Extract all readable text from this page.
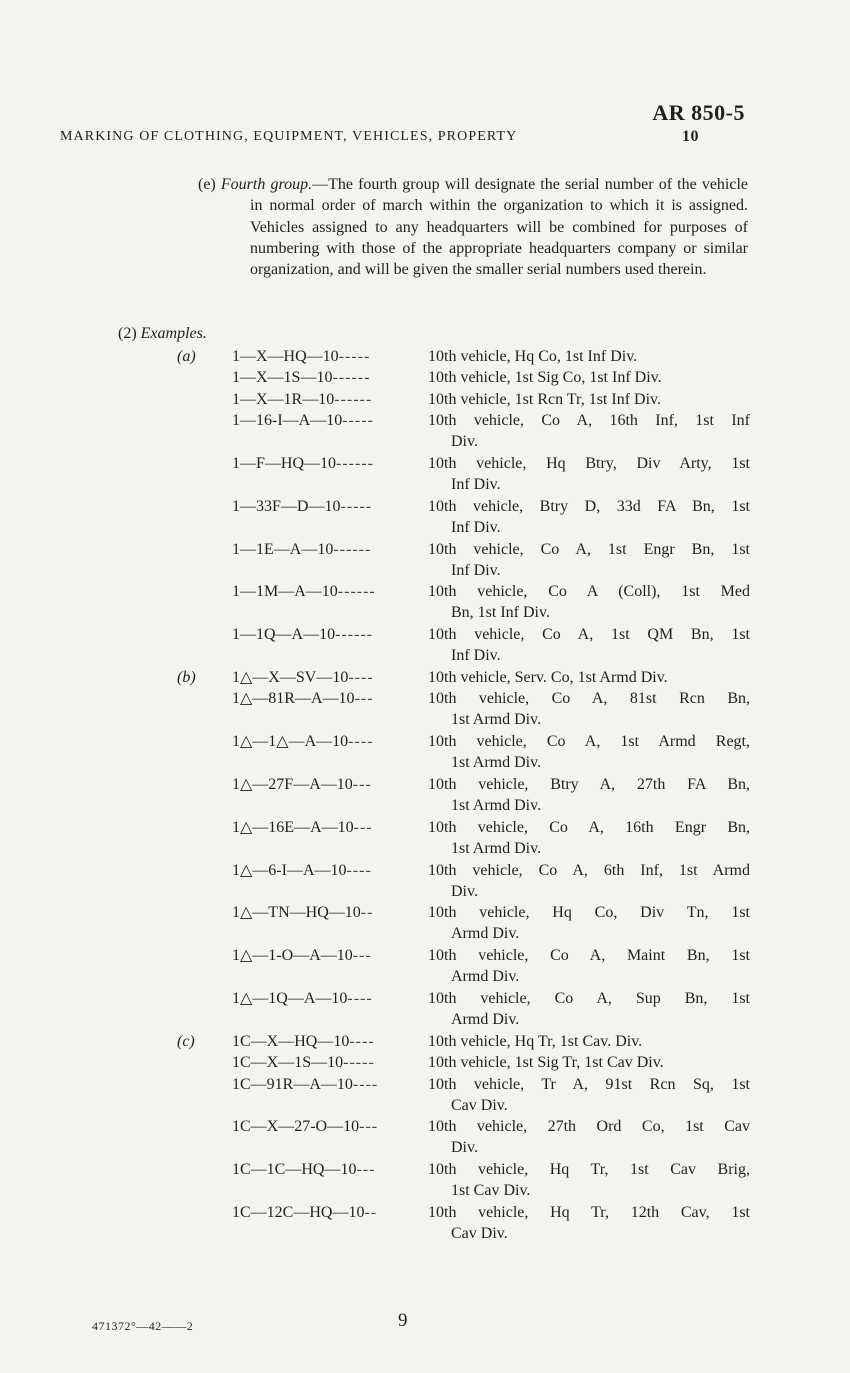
AR 850-5
MARKING OF CLOTHING, EQUIPMENT, VEHICLES, PROPERTY	10
(e) Fourth group.—The fourth group will designate the serial number of the vehicle in normal order of march within the organization to which it is assigned. Vehicles assigned to any headquarters will be combined for purposes of numbering with those of the appropriate headquarters company or similar organization, and will be given the smaller serial numbers used therein.
(2) Examples.
(a) 1—X—HQ—10-----	10th vehicle, Hq Co, 1st Inf Div.
1—X—1S—10------	10th vehicle, 1st Sig Co, 1st Inf Div.
1—X—1R—10------	10th vehicle, 1st Rcn Tr, 1st Inf Div.
1—16-I—A—10-----	10th vehicle, Co A, 16th Inf, 1st Inf
Div.
1—F—HQ—10------	10th vehicle, Hq Btry, Div Arty, 1st
Inf Div.
1—33F—D—10-----	10th vehicle, Btry D, 33d FA Bn, 1st
Inf Div.
1—1E—A—10------	10th vehicle, Co A, 1st Engr Bn, 1st
Inf Div.
1—1M—A—10------	10th vehicle, Co A (Coll), 1st Med
Bn, 1st Inf Div.
1—1Q—A—10------	10th vehicle, Co A, 1st QM Bn, 1st
Inf Div.
(b) 1△—X—SV—10----	10th vehicle, Serv. Co, 1st Armd Div.
1△—81R—A—10---	10th vehicle, Co A, 81st Rcn Bn,
1st Armd Div.
1△—1△—A—10----	10th vehicle, Co A, 1st Armd Regt,
1st Armd Div.
1△—27F—A—10---	10th vehicle, Btry A, 27th FA Bn,
1st Armd Div.
1△—16E—A—10---	10th vehicle, Co A, 16th Engr Bn,
1st Armd Div.
1△—6-I—A—10----	10th vehicle, Co A, 6th Inf, 1st Armd
Div.
1△—TN—HQ—10--	10th vehicle, Hq Co, Div Tn, 1st
Armd Div.
1△—1-O—A—10---	10th vehicle, Co A, Maint Bn, 1st
Armd Div.
1△—1Q—A—10----	10th vehicle, Co A, Sup Bn, 1st
Armd Div.
(c) 1C—X—HQ—10----	10th vehicle, Hq Tr, 1st Cav. Div.
1C—X—1S—10-----	10th vehicle, 1st Sig Tr, 1st Cav Div.
1C—91R—A—10----	10th vehicle, Tr A, 91st Rcn Sq, 1st
Cav Div.
1C—X—27-O—10---	10th vehicle, 27th Ord Co, 1st Cav
Div.
1C—1C—HQ—10---	10th vehicle, Hq Tr, 1st Cav Brig,
1st Cav Div.
1C—12C—HQ—10--	10th vehicle, Hq Tr, 12th Cav, 1st
Cav Div.
471372°—42——2	9
